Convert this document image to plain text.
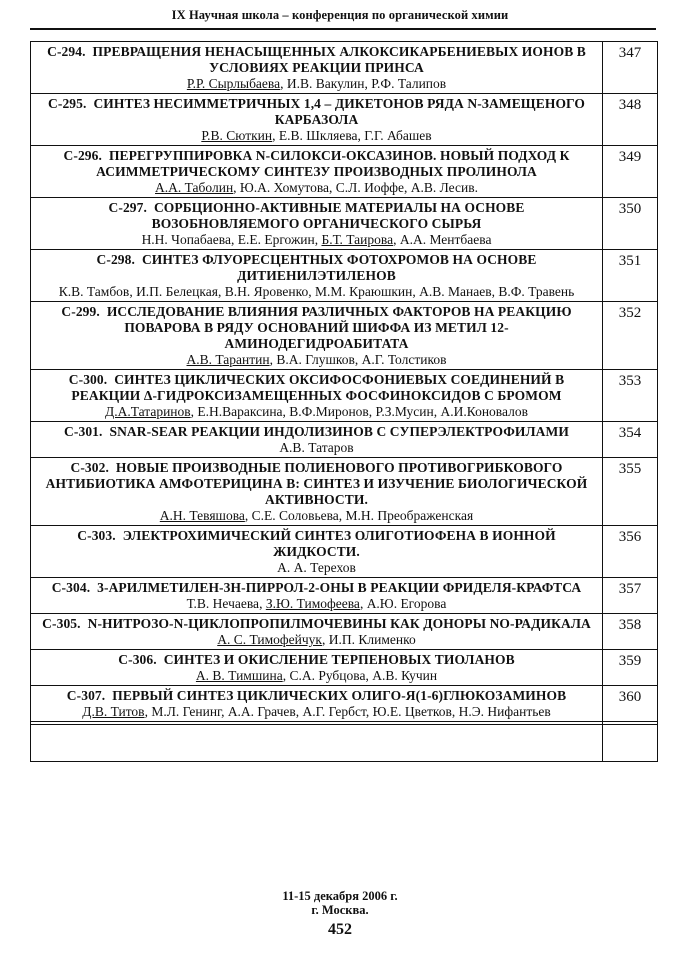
IX Научная школа – конференция по органической химии
С-294. ПРЕВРАЩЕНИЯ НЕНАСЫЩЕННЫХ АЛКОКСИКАРБЕНИЕВЫХ ИОНОВ В УСЛОВИЯХ РЕАКЦИИ ПРИНСА
Р.Р. Сырлыбаева, И.В. Вакулин, Р.Ф. Талипов	347

С-295. СИНТЕЗ НЕСИММЕТРИЧНЫХ 1,4 – ДИКЕТОНОВ РЯДА N-ЗАМЕЩЕНОГО КАРБАЗОЛА
Р.В. Сюткин, Е.В. Шкляева, Г.Г. Абашев	348

С-296. ПЕРЕГРУППИРОВКА N-СИЛОКСИ-ОКСАЗИНОВ. НОВЫЙ ПОДХОД К АСИММЕТРИЧЕСКОМУ СИНТЕЗУ ПРОИЗВОДНЫХ ПРОЛИНОЛА
А.А. Таболин, Ю.А. Хомутова, С.Л. Иоффе, А.В. Лесив.	349

С-297. СОРБЦИОННО-АКТИВНЫЕ МАТЕРИАЛЫ НА ОСНОВЕ ВОЗОБНОВЛЯЕМОГО ОРГАНИЧЕСКОГО СЫРЬЯ
Н.Н. Чопабаева, Е.Е. Ергожин, Б.Т. Таирова, А.А. Ментбаева	350

С-298. СИНТЕЗ ФЛУОРЕСЦЕНТНЫХ ФОТОХРОМОВ НА ОСНОВЕ ДИТИЕНИЛЭТИЛЕНОВ
К.В. Тамбов, И.П. Белецкая, В.Н. Яровенко, М.М. Краюшкин, А.В. Манаев, В.Ф. Травень	351

С-299. ИССЛЕДОВАНИЕ ВЛИЯНИЯ РАЗЛИЧНЫХ ФАКТОРОВ НА РЕАКЦИЮ ПОВАРОВА В РЯДУ ОСНОВАНИЙ ШИФФА ИЗ МЕТИЛ 12-АМИНОДЕГИДРОАБИТАТА
А.В. Тарантин, В.А. Глушков, А.Г. Толстиков	352

С-300. СИНТЕЗ ЦИКЛИЧЕСКИХ ОКСИФОСФОНИЕВЫХ СОЕДИНЕНИЙ В РЕАКЦИИ Δ-ГИДРОКСИЗАМЕЩЕННЫХ ФОСФИНОКСИДОВ С БРОМОМ
Д.А.Татаринов, Е.Н.Вараксина, В.Ф.Миронов, Р.З.Мусин, А.И.Коновалов	353

С-301. SNAR-SEAR РЕАКЦИИ ИНДОЛИЗИНОВ С СУПЕРЭЛЕКТРОФИЛАМИ
А.В. Татаров	354

С-302. НОВЫЕ ПРОИЗВОДНЫЕ ПОЛИЕНОВОГО ПРОТИВОГРИБКОВОГО АНТИБИОТИКА АМФОТЕРИЦИНА В: СИНТЕЗ И ИЗУЧЕНИЕ БИОЛОГИЧЕСКОЙ АКТИВНОСТИ.
А.Н. Тевяшова, С.Е. Соловьева, М.Н. Преображенская	355

С-303. ЭЛЕКТРОХИМИЧЕСКИЙ СИНТЕЗ ОЛИГОТИОФЕНА В ИОННОЙ ЖИДКОСТИ.
А. А. Терехов	356

С-304. 3-АРИЛМЕТИЛЕН-3Н-ПИРРОЛ-2-ОНЫ В РЕАКЦИИ ФРИДЕЛЯ-КРАФТСА
Т.В. Нечаева, З.Ю. Тимофеева, А.Ю. Егорова	357

С-305. N-НИТРОЗО-N-ЦИКЛОПРОПИЛМОЧЕВИНЫ КАК ДОНОРЫ NO-РАДИКАЛА
А. С. Тимофейчук, И.П. Клименко	358

С-306. СИНТЕЗ И ОКИСЛЕНИЕ ТЕРПЕНОВЫХ ТИОЛАНОВ
А. В. Тимшина, С.А. Рубцова, А.В. Кучин	359

С-307. ПЕРВЫЙ СИНТЕЗ ЦИКЛИЧЕСКИХ ОЛИГО-Я(1-6)ГЛЮКОЗАМИНОВ
Д.В. Титов, М.Л. Генинг, А.А. Грачев, А.Г. Гербст, Ю.Е. Цветков, Н.Э. Нифантьев	360

11-15 декабря 2006 г.
г. Москва.
452
